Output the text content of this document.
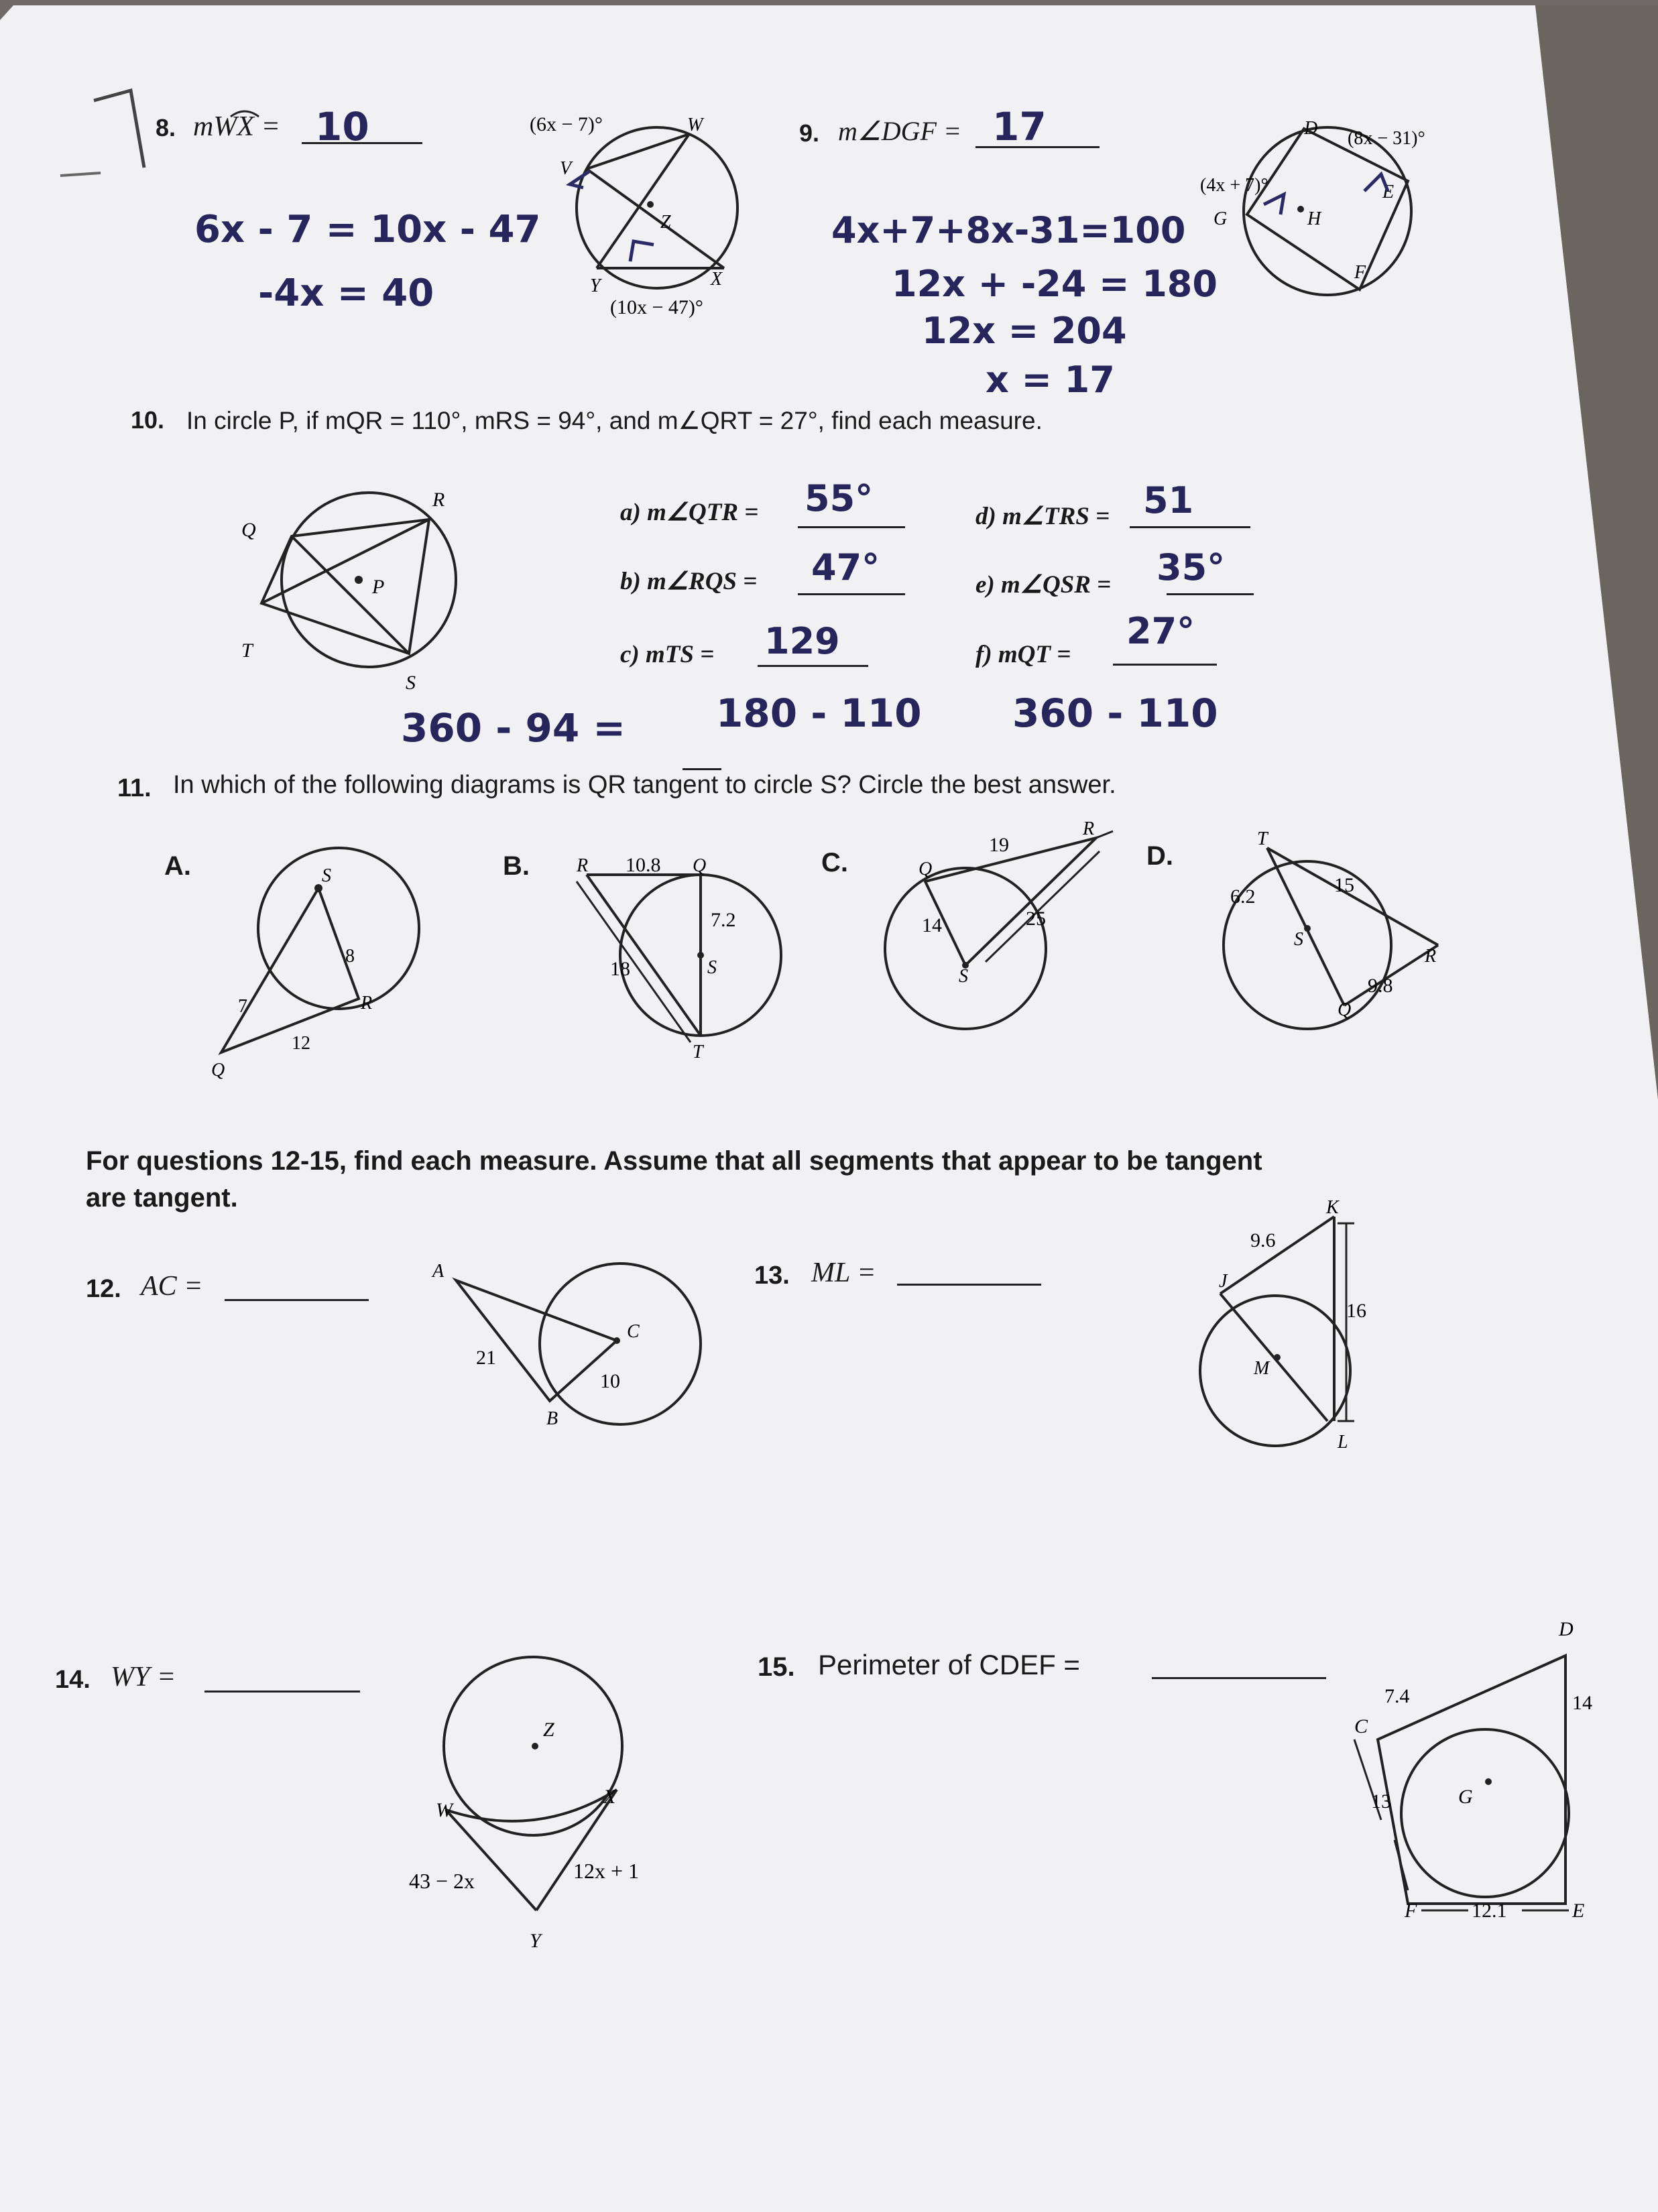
8. mWX = 10
6x - 7 = 10x - 47
-4x = 40
(6x − 7)°	W
V
Z
Y	X
(10x − 47)°
9. m∠DGF = 17
4x+7+8x-31=100
12x + -24 = 180
12x = 204
x = 17
D (8x − 31)°
(4x + 7)°
G	H
E
F
10. In circle P, if mQR = 110°, mRS = 94°, and m∠QRT = 27°, find each measure.
R
Q
P
T
S
a) m∠QTR = 55°
b) m∠RQS = 47°
c) mTS = 129
d) m∠TRS = 51
e) m∠QSR = 35°
f) mQT =
27°
360 - 94 = 180 - 110 360 - 110
11. In which of the following diagrams is QR tangent to circle S? Circle the best answer.
A.	S
8
7	R
12
Q
B.	R 10.8 Q
7.2
18	S
T
C.	Q
19
R
14	25
S
D.
T
6.2
15
S
R
9.8
Q
For questions 12-15, find each measure. Assume that all segments that appear to be tangent
are tangent.
12. AC =	A
C
21
10
B
13. ML =
K
9.6
J
16
M
L
14. WY =
Z
W
X
43 − 2x	12x + 1
Y
15. Perimeter of CDEF =
D
7.4	14
C
13	G
F	12.1	E
